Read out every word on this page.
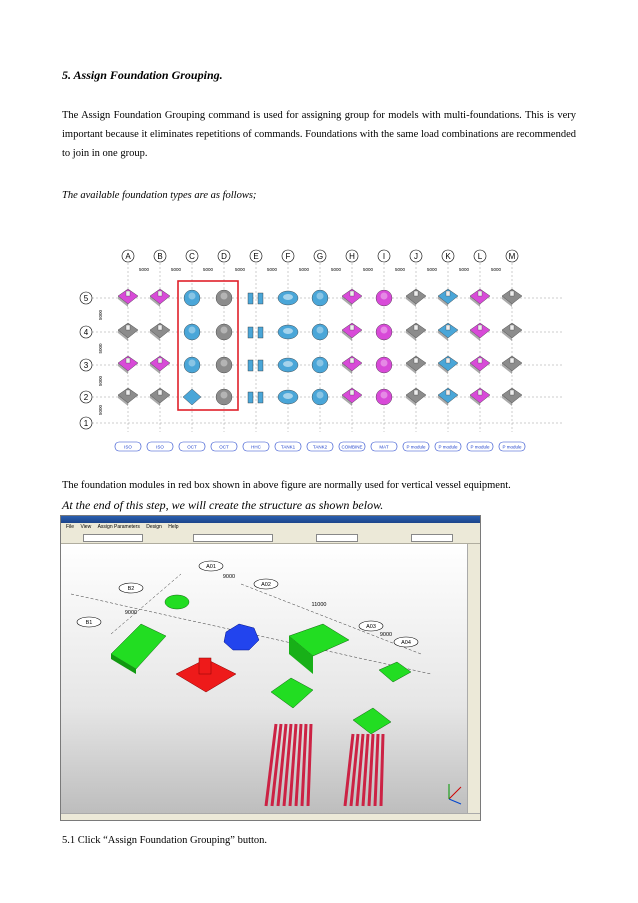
5. Assign Foundation Grouping.

The Assign Foundation Grouping command is used for assigning group for models with multi-foundations. This is very important because it eliminates repetitions of commands. Foundations with the same load combinations are recommended to join in one group.

The available foundation types are as follows;
A
5000
B
5000
C
5000
D
5000
E
5000
F
5000
G
5000
H
5000
I
5000
J
5000
K
5000
L
5000
M
5
5000
4
5000
3
5000
2
5000
1
ISO	ISO	OCT	OCT	HHC	TANK1	TANK2	COMBINE	MAT	P module	P module	P module	P module
The foundation modules in red box shown in above figure are normally used for vertical vessel equipment.
At the end of this step, we will create the structure as shown below.
File View Assign Parameters Design Help
A01
A02
A03
A04
B1
B2
9000
11000
9000
9000
5.1 Click “Assign Foundation Grouping” button.
